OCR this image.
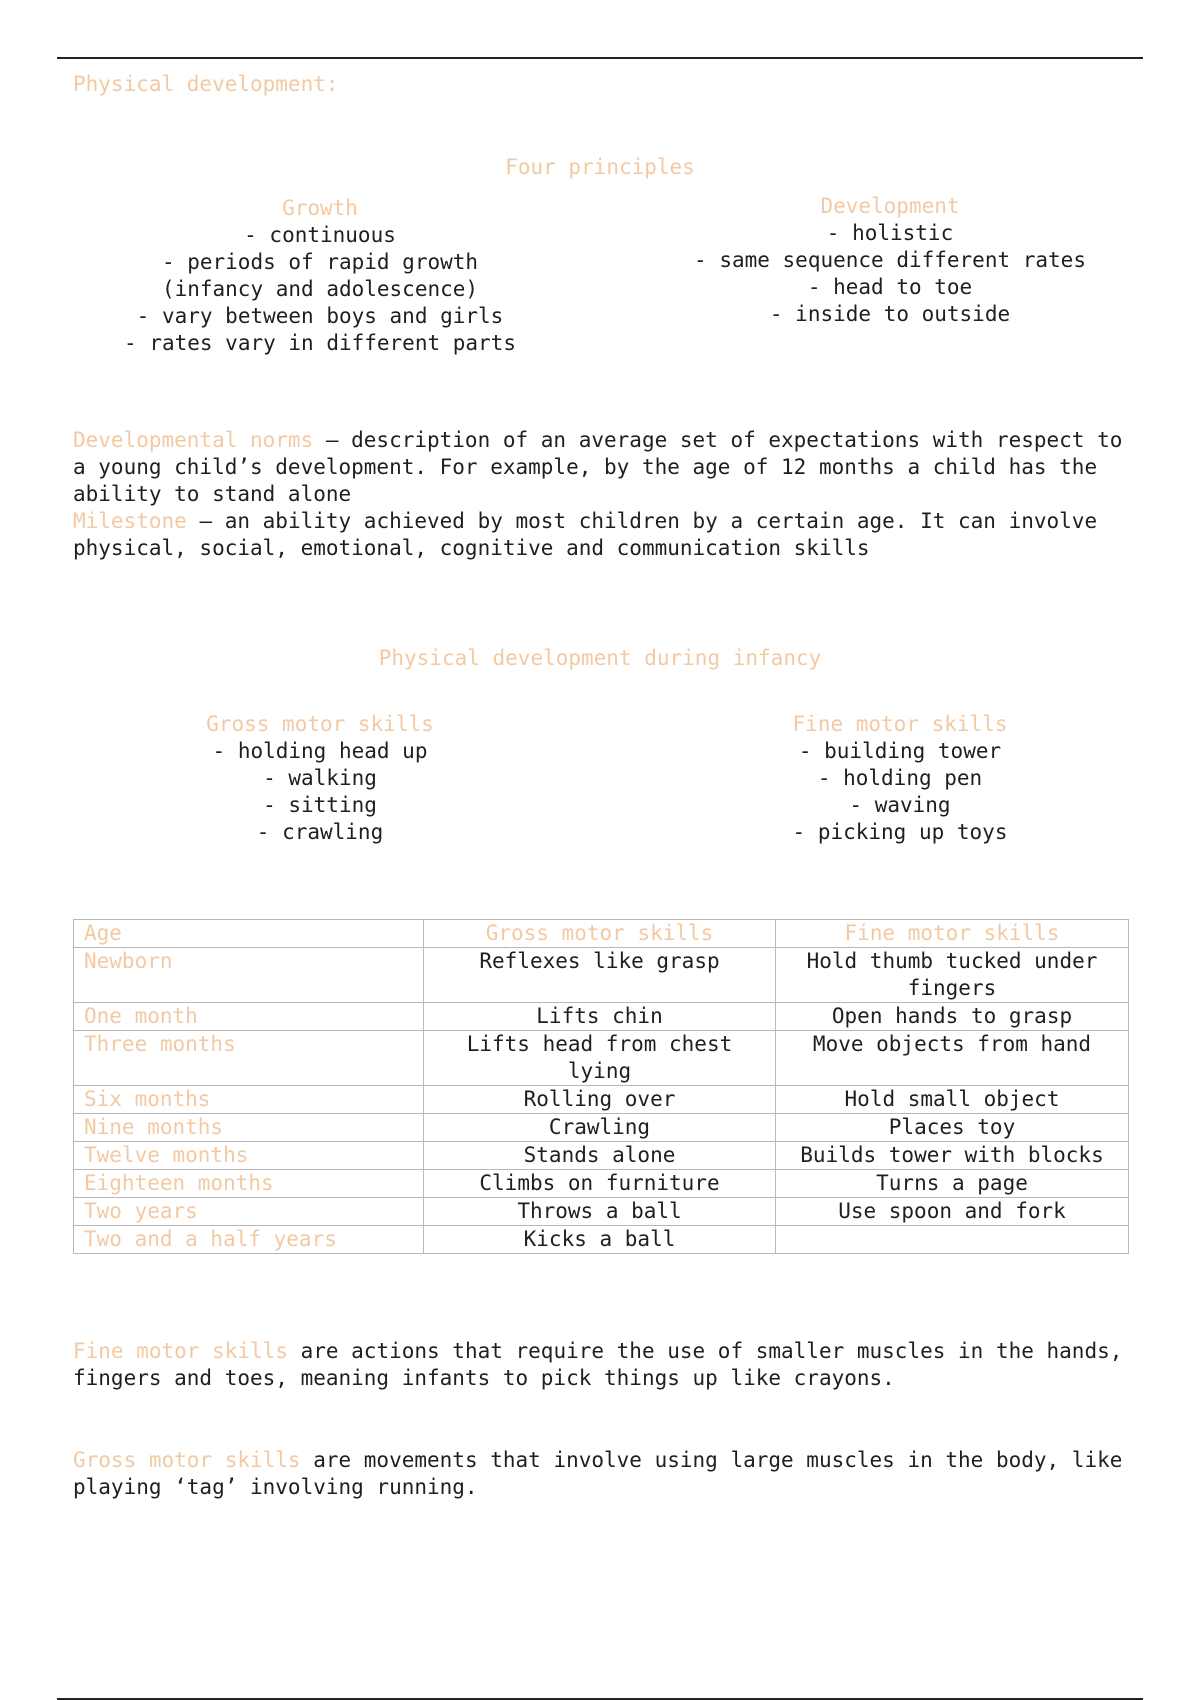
Physical development:
Four principles
Growth
- continuous
- periods of rapid growth
(infancy and adolescence)
- vary between boys and girls
- rates vary in different parts
Development
- holistic
- same sequence different rates
- head to toe
- inside to outside
Developmental norms – description of an average set of expectations with respect to a young child’s development. For example, by the age of 12 months a child has the ability to stand alone
Milestone – an ability achieved by most children by a certain age. It can involve physical, social, emotional, cognitive and communication skills
Physical development during infancy
Gross motor skills
- holding head up
- walking
- sitting
- crawling
Fine motor skills
- building tower
- holding pen
- waving
- picking up toys
Age	Gross motor skills	Fine motor skills
Newborn	Reflexes like grasp	Hold thumb tucked under fingers
One month	Lifts chin	Open hands to grasp
Three months	Lifts head from chest lying	Move objects from hand
Six months	Rolling over	Hold small object
Nine months	Crawling	Places toy
Twelve months	Stands alone	Builds tower with blocks
Eighteen months	Climbs on furniture	Turns a page
Two years	Throws a ball	Use spoon and fork
Two and a half years	Kicks a ball	
Fine motor skills are actions that require the use of smaller muscles in the hands, fingers and toes, meaning infants to pick things up like crayons.
Gross motor skills are movements that involve using large muscles in the body, like playing ‘tag’ involving running.
